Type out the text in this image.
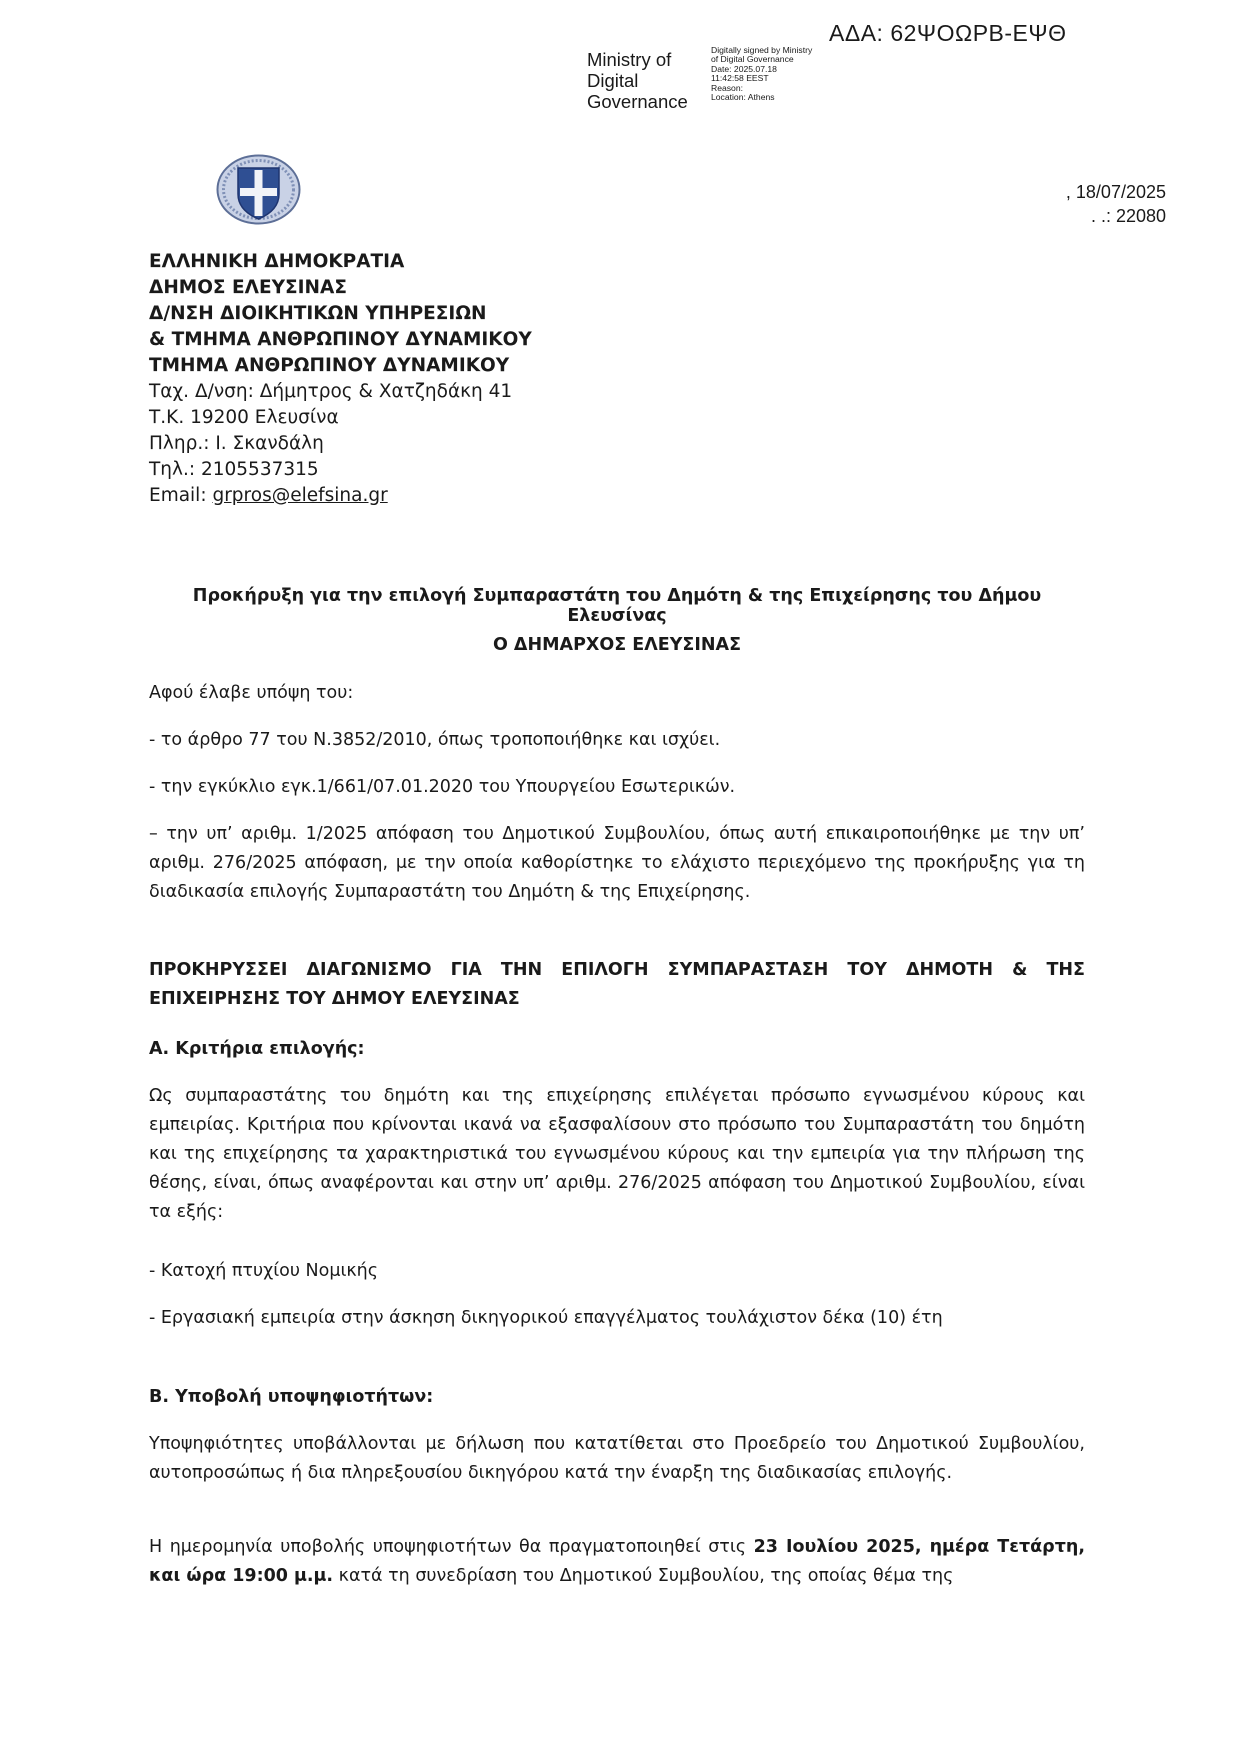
ΑΔΑ: 62ΨΟΩΡΒ-ΕΨΘ
Ministry of
Digital
Governance
Digitally signed by Ministry
of Digital Governance
Date: 2025.07.18
11:42:58 EEST
Reason:
Location: Athens
, 18/07/2025
. .: 22080
ΕΛΛΗΝΙΚΗ ΔΗΜΟΚΡΑΤΙΑ
ΔΗΜΟΣ ΕΛΕΥΣΙΝΑΣ
Δ/ΝΣΗ ΔΙΟΙΚΗΤΙΚΩΝ ΥΠΗΡΕΣΙΩΝ
& ΤΜΗΜΑ ΑΝΘΡΩΠΙΝΟΥ ΔΥΝΑΜΙΚΟΥ
ΤΜΗΜΑ ΑΝΘΡΩΠΙΝΟΥ ΔΥΝΑΜΙΚΟΥ
Ταχ. Δ/νση: Δήμητρος & Χατζηδάκη 41
Τ.Κ. 19200 Ελευσίνα
Πληρ.: Ι. Σκανδάλη
Τηλ.: 2105537315
Email: grpros@elefsina.gr
Προκήρυξη για την επιλογή Συμπαραστάτη του Δημότη & της Επιχείρησης του Δήμου Ελευσίνας
Ο ΔΗΜΑΡΧΟΣ ΕΛΕΥΣΙΝΑΣ
Αφού έλαβε υπόψη του:
- το άρθρο 77 του Ν.3852/2010, όπως τροποποιήθηκε και ισχύει.
- την εγκύκλιο εγκ.1/661/07.01.2020 του Υπουργείου Εσωτερικών.
– την υπ’ αριθμ. 1/2025 απόφαση του Δημοτικού Συμβουλίου, όπως αυτή επικαιροποιήθηκε με την υπ’ αριθμ. 276/2025 απόφαση, με την οποία καθορίστηκε το ελάχιστο περιεχόμενο της προκήρυξης για τη διαδικασία επιλογής Συμπαραστάτη του Δημότη & της Επιχείρησης.
ΠΡΟΚΗΡΥΣΣΕΙ ΔΙΑΓΩΝΙΣΜΟ ΓΙΑ ΤΗΝ ΕΠΙΛΟΓΗ ΣΥΜΠΑΡΑΣΤΑΣΗ ΤΟΥ ΔΗΜΟΤΗ & ΤΗΣ ΕΠΙΧΕΙΡΗΣΗΣ ΤΟΥ ΔΗΜΟΥ ΕΛΕΥΣΙΝΑΣ
Α. Κριτήρια επιλογής:
Ως συμπαραστάτης του δημότη και της επιχείρησης επιλέγεται πρόσωπο εγνωσμένου κύρους και εμπειρίας. Κριτήρια που κρίνονται ικανά να εξασφαλίσουν στο πρόσωπο του Συμπαραστάτη του δημότη και της επιχείρησης τα χαρακτηριστικά του εγνωσμένου κύρους και την εμπειρία για την πλήρωση της θέσης, είναι, όπως αναφέρονται και στην υπ’ αριθμ. 276/2025 απόφαση του Δημοτικού Συμβουλίου, είναι τα εξής:
- Κατοχή πτυχίου Νομικής
- Εργασιακή εμπειρία στην άσκηση δικηγορικού επαγγέλματος τουλάχιστον δέκα (10) έτη
Β. Υποβολή υποψηφιοτήτων:
Υποψηφιότητες υποβάλλονται με δήλωση που κατατίθεται στο Προεδρείο του Δημοτικού Συμβουλίου, αυτοπροσώπως ή δια πληρεξουσίου δικηγόρου κατά την έναρξη της διαδικασίας επιλογής.
Η ημερομηνία υποβολής υποψηφιοτήτων θα πραγματοποιηθεί στις 23 Ιουλίου 2025, ημέρα Τετάρτη, και ώρα 19:00 μ.μ. κατά τη συνεδρίαση του Δημοτικού Συμβουλίου, της οποίας θέμα της
